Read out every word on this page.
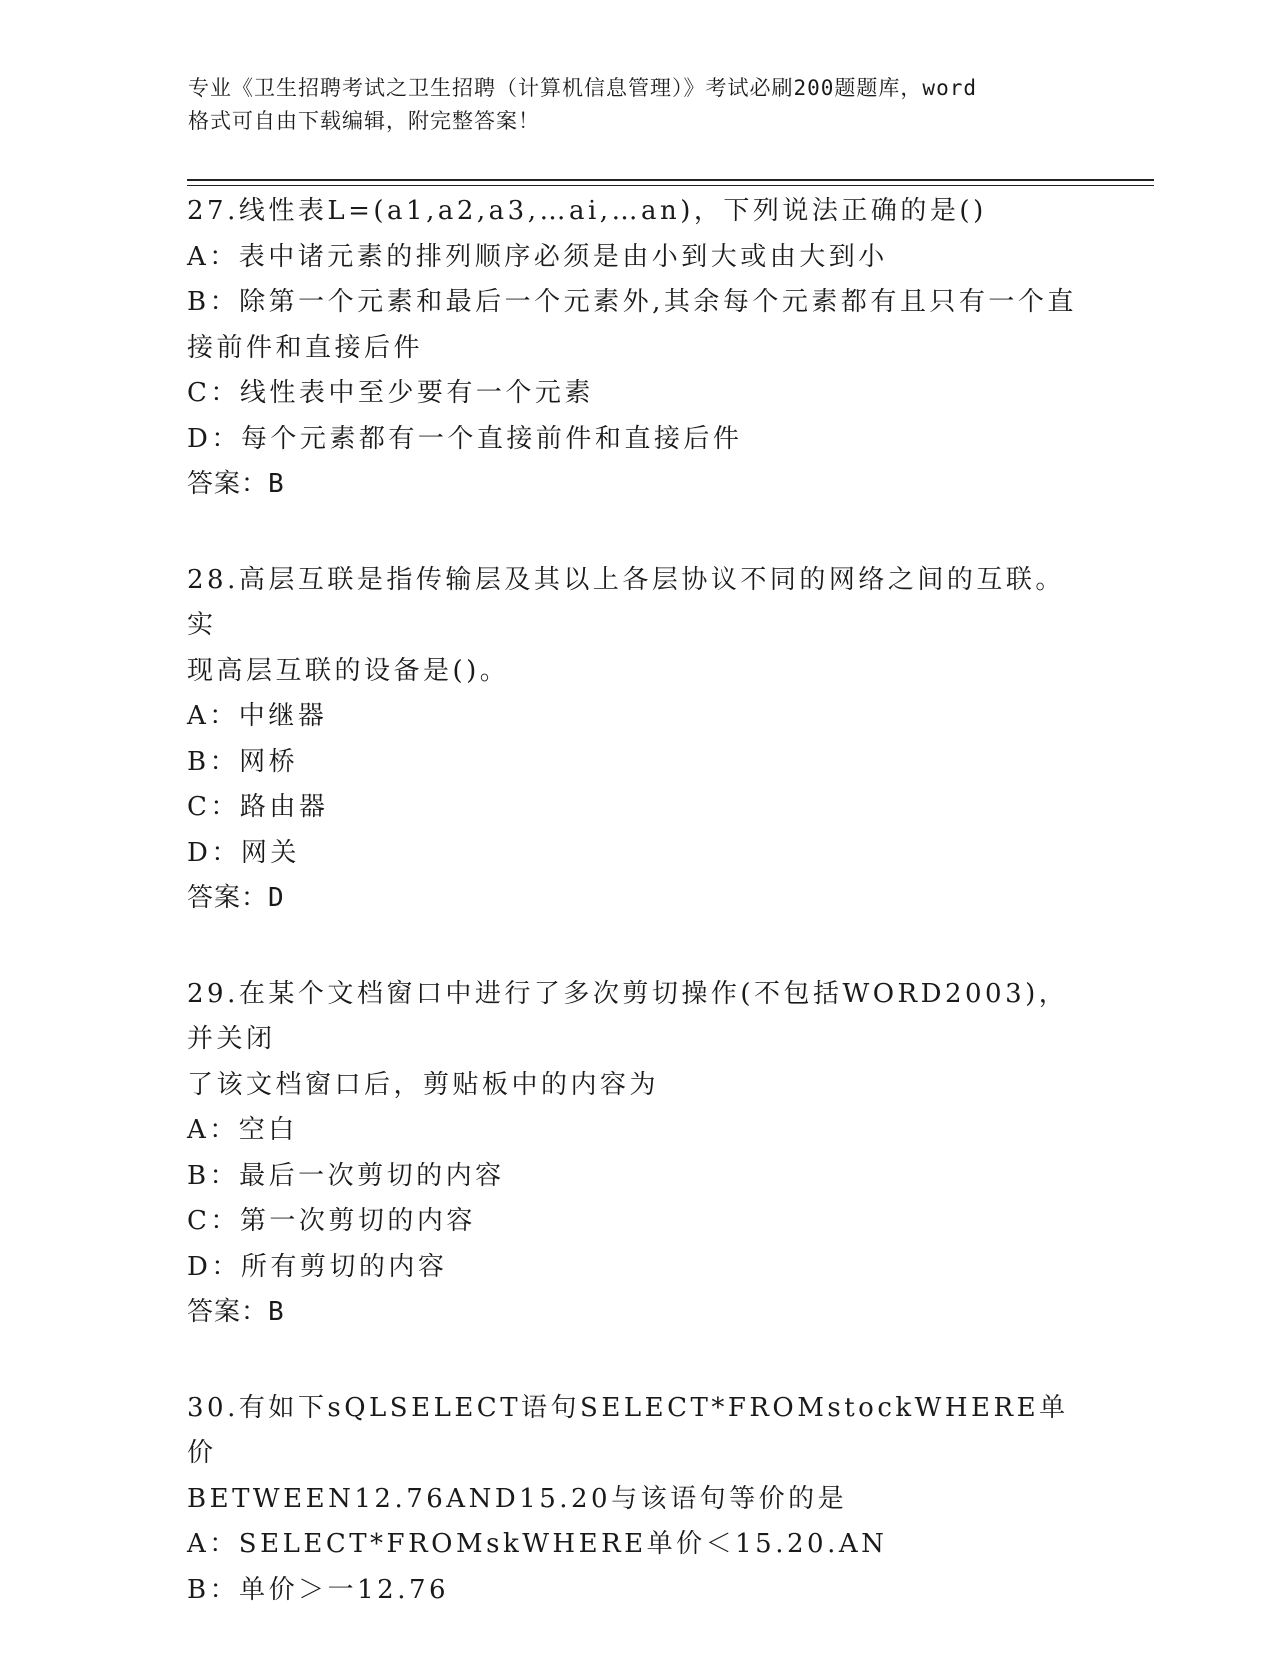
专业《卫生招聘考试之卫生招聘（计算机信息管理）》考试必刷200题题库，word
格式可自由下载编辑，附完整答案！
27.线性表L=(a1,a2,a3,…ai,…an)，下列说法正确的是()
A：表中诸元素的排列顺序必须是由小到大或由大到小
B：除第一个元素和最后一个元素外,其余每个元素都有且只有一个直
接前件和直接后件
C：线性表中至少要有一个元素
D：每个元素都有一个直接前件和直接后件
答案：B
28.高层互联是指传输层及其以上各层协议不同的网络之间的互联。实
现高层互联的设备是()。
A：中继器
B：网桥
C：路由器
D：网关
答案：D
29.在某个文档窗口中进行了多次剪切操作(不包括WORD2003)，并关闭
了该文档窗口后，剪贴板中的内容为
A：空白
B：最后一次剪切的内容
C：第一次剪切的内容
D：所有剪切的内容
答案：B
30.有如下sQLSELECT语句SELECT*FROMstockWHERE单价
BETWEEN12.76AND15.20与该语句等价的是
A：SELECT*FROMskWHERE单价＜15.20.AN
B：单价＞一12.76
